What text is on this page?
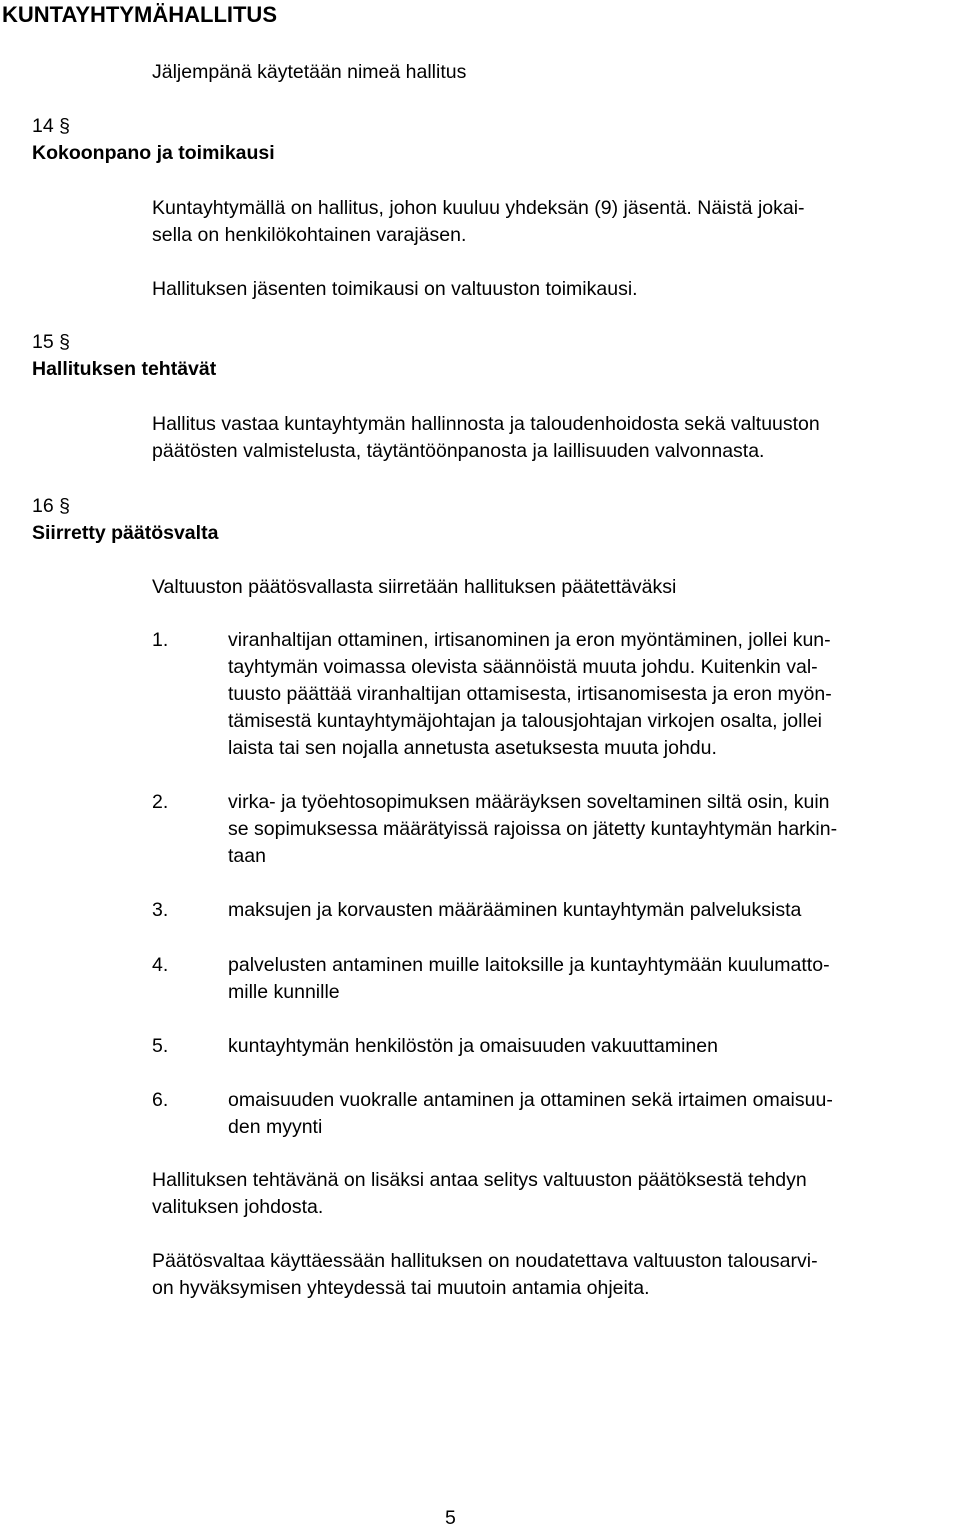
KUNTAYHTYMÄHALLITUS

Jäljempänä käytetään nimeä hallitus

14 §

Kokoonpano ja toimikausi

Kuntayhtymällä on hallitus, johon kuuluu yhdeksän (9) jäsentä. Näistä jokai-

sella on henkilökohtainen varajäsen.

Hallituksen jäsenten toimikausi on valtuuston toimikausi.

15 §

Hallituksen tehtävät

Hallitus vastaa kuntayhtymän hallinnosta ja taloudenhoidosta sekä valtuuston

päätösten valmistelusta, täytäntöönpanosta ja laillisuuden valvonnasta.

16 §

Siirretty päätösvalta

Valtuuston päätösvallasta siirretään hallituksen päätettäväksi

1.	viranhaltijan ottaminen, irtisanominen ja eron myöntäminen, jollei kun-

tayhtymän voimassa olevista säännöistä muuta johdu. Kuitenkin val-

tuusto päättää viranhaltijan ottamisesta, irtisanomisesta ja eron myön-

tämisestä kuntayhtymäjohtajan ja talousjohtajan virkojen osalta, jollei

laista tai sen nojalla annetusta asetuksesta muuta johdu.

2.	virka- ja työehtosopimuksen määräyksen soveltaminen siltä osin, kuin

se sopimuksessa määrätyissä rajoissa on jätetty kuntayhtymän harkin-

taan

3.	maksujen ja korvausten määrääminen kuntayhtymän palveluksista

4.	palvelusten antaminen muille laitoksille ja kuntayhtymään kuulumatto-

mille kunnille

5.	kuntayhtymän henkilöstön ja omaisuuden vakuuttaminen

6.	omaisuuden vuokralle antaminen ja ottaminen sekä irtaimen omaisuu-

den myynti

Hallituksen tehtävänä on lisäksi antaa selitys valtuuston päätöksestä tehdyn

valituksen johdosta.

Päätösvaltaa käyttäessään hallituksen on noudatettava valtuuston talousarvi-

on hyväksymisen yhteydessä tai muutoin antamia ohjeita.

5
